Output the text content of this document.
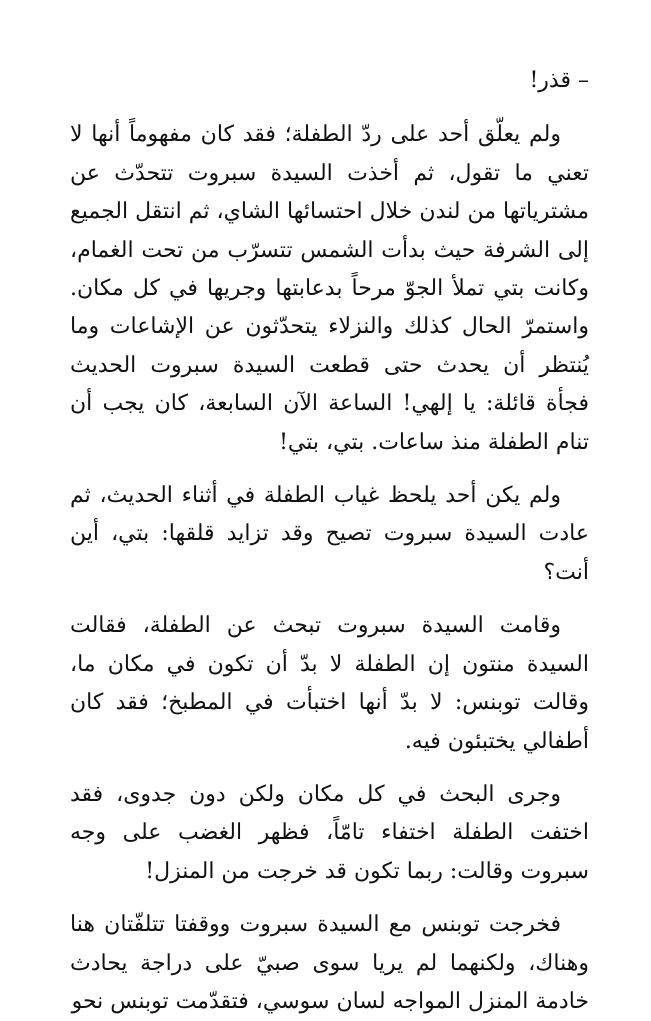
– قذر!

ولم يعلّق أحد على ردّ الطفلة؛ فقد كان مفهوماً أنها لا تعني ما تقول، ثم أخذت السيدة سبروت تتحدّث عن مشترياتها من لندن خلال احتسائها الشاي، ثم انتقل الجميع إلى الشرفة حيث بدأت الشمس تتسرّب من تحت الغمام، وكانت بتي تملأ الجوّ مرحاً بدعابتها وجريها في كل مكان. واستمرّ الحال كذلك والنزلاء يتحدّثون عن الإشاعات وما يُنتظر أن يحدث حتى قطعت السيدة سبروت الحديث فجأة قائلة: يا إلهي! الساعة الآن السابعة، كان يجب أن تنام الطفلة منذ ساعات. بتي، بتي!

ولم يكن أحد يلحظ غياب الطفلة في أثناء الحديث، ثم عادت السيدة سبروت تصيح وقد تزايد قلقها: بتي، أين أنت؟

وقامت السيدة سبروت تبحث عن الطفلة، فقالت السيدة منتون إن الطفلة لا بدّ أن تكون في مكان ما، وقالت توبنس: لا بدّ أنها اختبأت في المطبخ؛ فقد كان أطفالي يختبئون فيه.

وجرى البحث في كل مكان ولكن دون جدوى، فقد اختفت الطفلة اختفاء تامّاً، فظهر الغضب على وجه سبروت وقالت: ربما تكون قد خرجت من المنزل!

فخرجت توبنس مع السيدة سبروت ووقفتا تتلفّتان هنا وهناك، ولكنهما لم يريا سوى صبيّ على دراجة يحادث خادمة المنزل المواجه لسان سوسي، فتقدّمت توبنس نحو
